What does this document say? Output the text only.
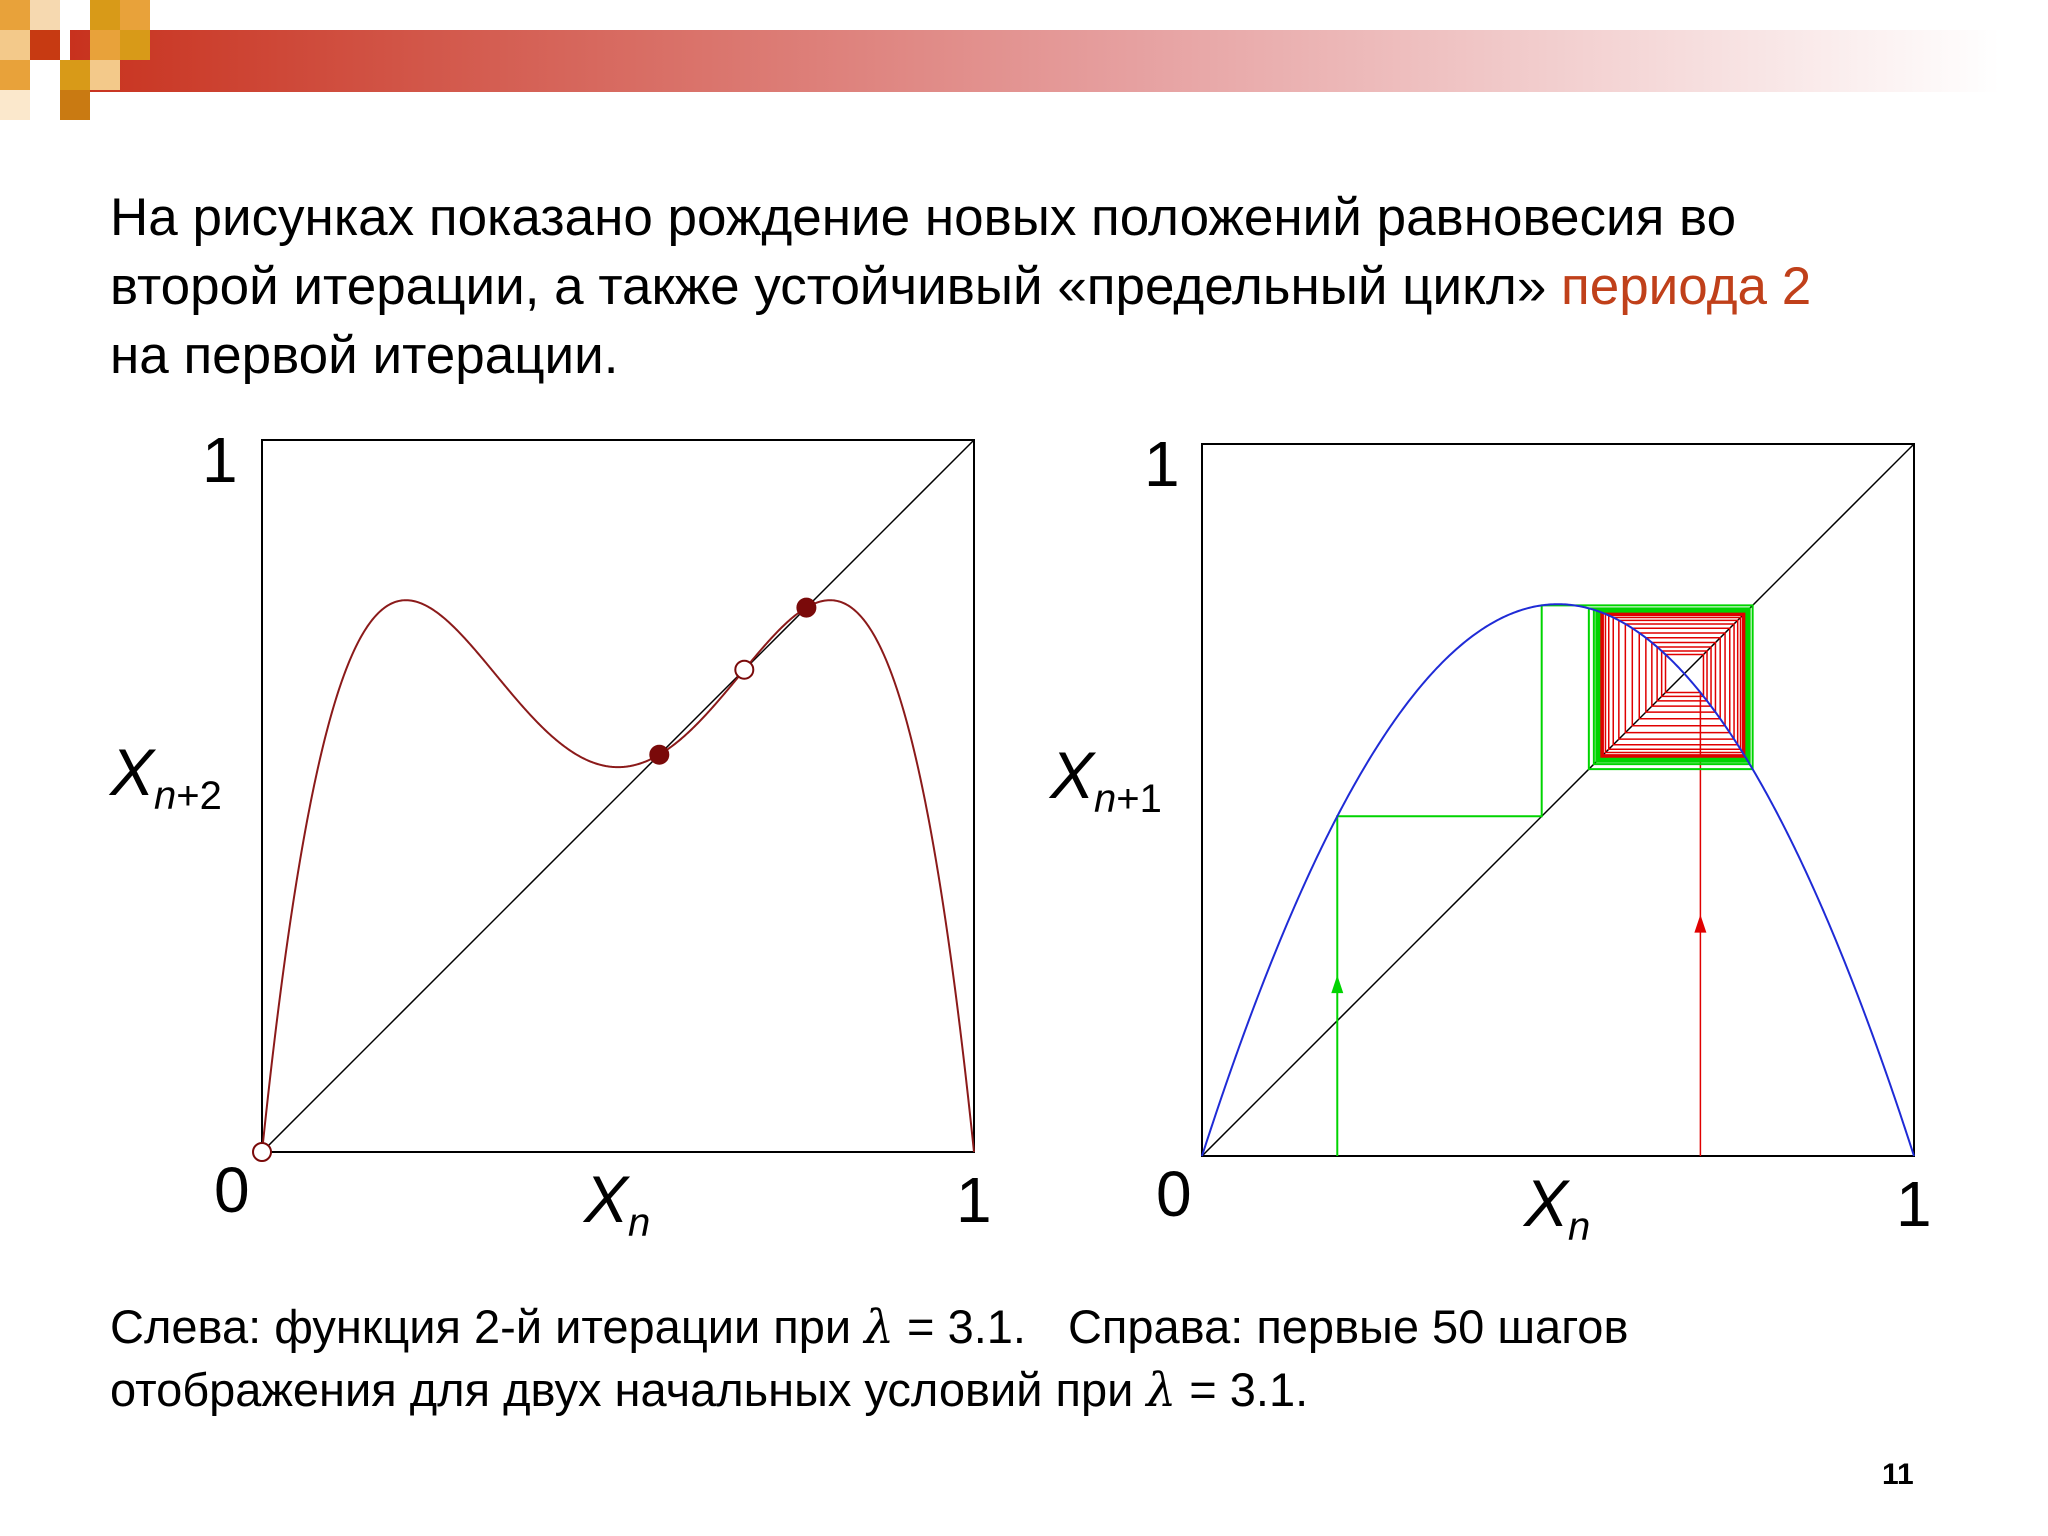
На рисунках показано рождение новых положений равновесия во
второй итерации, а также устойчивый «предельный цикл» периода 2
на первой итерации.

1
0	1
Xn+2
Xn
1
0	1
Xn+1
Xn

Слева: функция 2-й итерации при λ = 3.1. Справа: первые 50 шагов
отображения для двух начальных условий при λ = 3.1.

11
